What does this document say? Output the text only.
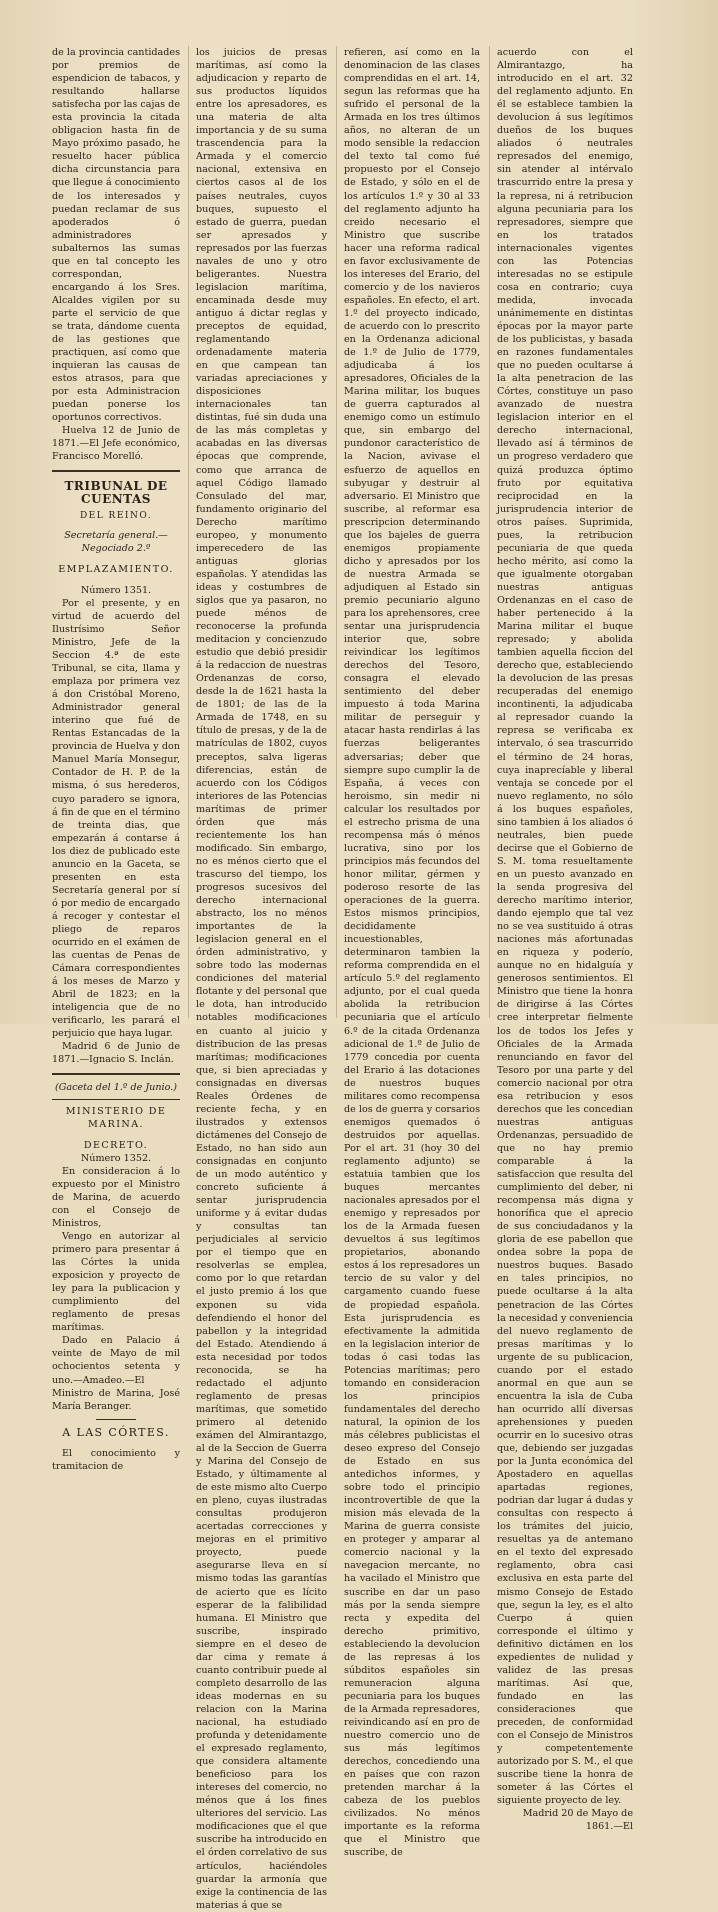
de la provincia cantidades por premios de espendicion de tabacos, y resultando hallarse satisfecha por las cajas de esta provincia la citada obligacion hasta fin de Mayo próximo pasado, he resuelto hacer pública dicha circunstancia para que llegue á conocimiento de los interesados y puedan reclamar de sus apoderados ó administradores subalternos las sumas que en tal concepto les correspondan, encargando á los Sres. Alcaldes vigilen por su parte el servicio de que se trata, dándome cuenta de las gestiones que practiquen, así como que inquieran las causas de estos atrasos, para que por esta Administracion puedan ponerse los oportunos correctivos.

Huelva 12 de Junio de 1871.—El Jefe económico, Francisco Morelló.

TRIBUNAL DE CUENTAS
DEL REINO.

Secretaría general.—Negociado 2.º

EMPLAZAMIENTO.

Número 1351.

Por el presente, y en virtud de acuerdo del Ilustrísimo Señor Ministro, Jefe de la Seccion 4.ª de este Tribunal, se cita, llama y emplaza por primera vez á don Cristóbal Moreno, Administrador general interino que fué de Rentas Estancadas de la provincia de Huelva y don Manuel María Monsegur, Contador de H. P. de la misma, ó sus herederos, cuyo paradero se ignora, á fin de que en el término de treinta dias, que empezarán á contarse á los diez de publicado este anuncio en la Gaceta, se presenten en esta Secretaría general por sí ó por medio de encargado á recoger y contestar el pliego de reparos ocurrido en el exámen de las cuentas de Penas de Cámara correspondientes á los meses de Marzo y Abril de 1823; en la inteligencia que de no verificarlo, les parará el perjuicio que haya lugar.

Madrid 6 de Junio de 1871.—Ignacio S. Inclán.

(Gaceta del 1.º de Junio.)

MINISTERIO DE MARINA.

DECRETO.

Número 1352.

En consideracion á lo expuesto por el Ministro de Marina, de acuerdo con el Consejo de Ministros,

Vengo en autorizar al primero para presentar á las Córtes la unida exposicion y proyecto de ley para la publicacion y cumplimiento del reglamento de presas marítimas.

Dado en Palacio á veinte de Mayo de mil ochocientos setenta y uno.—Amadeo.—El Ministro de Marina, José María Beranger.

A LAS CÓRTES.

El conocimiento y tramitacion de

los juicios de presas marítimas, así como la adjudicacion y reparto de sus productos líquidos entre los apresadores, es una materia de alta importancia y de su suma trascendencia para la Armada y el comercio nacional, extensiva en ciertos casos al de los países neutrales, cuyos buques, supuesto el estado de guerra, puedan ser apresados y represados por las fuerzas navales de uno y otro beligerantes. Nuestra legislacion marítima, encaminada desde muy antiguo á dictar reglas y preceptos de equidad, reglamentando ordenadamente materia en que campean tan variadas apreciaciones y disposiciones internacionales tan distintas, fué sin duda una de las más completas y acabadas en las diversas épocas que comprende, como que arranca de aquel Código llamado Consulado del mar, fundamento originario del Derecho marítimo europeo, y monumento imperecedero de las antiguas glorias españolas. Y atendidas las ideas y costumbres de siglos que ya pasaron, no puede ménos de reconocerse la profunda meditacion y concienzudo estudio que debió presidir á la redaccion de nuestras Ordenanzas de corso, desde la de 1621 hasta la de 1801; de las de la Armada de 1748, en su título de presas, y de la de matrículas de 1802, cuyos preceptos, salva ligeras diferencias, están de acuerdo con los Códigos interiores de las Potencias marítimas de primer órden que más recientemente los han modificado. Sin embargo, no es ménos cierto que el trascurso del tiempo, los progresos sucesivos del derecho internacional abstracto, los no ménos importantes de la legislacion general en el órden administrativo, y sobre todo las modernas condiciones del material flotante y del personal que le dota, han introducido notables modificaciones en cuanto al juicio y distribucion de las presas marítimas; modificaciones que, si bien apreciadas y consignadas en diversas Reales Órdenes de reciente fecha, y en ilustrados y extensos dictámenes del Consejo de Estado, no han sido aun consignadas en conjunto de un modo auténtico y concreto suficiente á sentar jurisprudencia uniforme y á evitar dudas y consultas tan perjudiciales al servicio por el tiempo que en resolverlas se emplea, como por lo que retardan el justo premio á los que exponen su vida defendiendo el honor del pabellon y la integridad del Estado. Atendiendo á esta necesidad por todos reconocida, se ha redactado el adjunto reglamento de presas marítimas, que sometido primero al detenido exámen del Almirantazgo, al de la Seccion de Guerra y Marina del Consejo de Estado, y últimamente al de este mismo alto Cuerpo en pleno, cuyas ilustradas consultas produjeron acertadas correcciones y mejoras en el primitivo proyecto, puede asegurarse lleva en sí mismo todas las garantías de acierto que es lícito esperar de la falibilidad humana. El Ministro que suscribe, inspirado siempre en el deseo de dar cima y remate á cuanto contribuir puede al completo desarrollo de las ideas modernas en su relacion con la Marina nacional, ha estudiado profunda y detenidamente el expresado reglamento, que considera altamente beneficioso para los intereses del comercio, no ménos que á los fines ulteriores del servicio. Las modificaciones que el que suscribe ha introducido en el órden correlativo de sus artículos, haciéndoles guardar la armonía que exige la continencia de las materias á que se

refieren, así como en la denominacion de las clases comprendidas en el art. 14, segun las reformas que ha sufrido el personal de la Armada en los tres últimos años, no alteran de un modo sensible la redaccion del texto tal como fué propuesto por el Consejo de Estado, y sólo en el de los artículos 1.º y 30 al 33 del reglamento adjunto ha creido necesario el Ministro que suscribe hacer una reforma radical en favor exclusivamente de los intereses del Erario, del comercio y de los navieros españoles. En efecto, el art. 1.º del proyecto indicado, de acuerdo con lo prescrito en la Ordenanza adicional de 1.º de Julio de 1779, adjudicaba á los apresadores, Oficiales de la Marina militar, los buques de guerra capturados al enemigo como un estímulo que, sin embargo del pundonor característico de la Nacion, avivase el esfuerzo de aquellos en subyugar y destruir al adversario. El Ministro que suscribe, al reformar esa prescripcion determinando que los bajeles de guerra enemigos propiamente dicho y apresados por los de nuestra Armada se adjudiquen al Estado sin premio pecuniario alguno para los aprehensores, cree sentar una jurisprudencia interior que, sobre reivindicar los legítimos derechos del Tesoro, consagra el elevado sentimiento del deber impuesto á toda Marina militar de perseguir y atacar hasta rendirlas á las fuerzas beligerantes adversarias; deber que siempre supo cumplir la de España, á veces con heroismo, sin medir ni calcular los resultados por el estrecho prisma de una recompensa más ó ménos lucrativa, sino por los principios más fecundos del honor militar, gérmen y poderoso resorte de las operaciones de la guerra. Estos mismos principios, decididamente incuestionables, determinaron tambien la reforma comprendida en el artículo 5.º del reglamento adjunto, por el cual queda abolida la retribucion pecuniaria que el artículo 6.º de la citada Ordenanza adicional de 1.º de Julio de 1779 concedia por cuenta del Erario á las dotaciones de nuestros buques militares como recompensa de los de guerra y corsarios enemigos quemados ó destruidos por aquellas. Por el art. 31 (hoy 30 del reglamento adjunto) se estatuia tambien que los buques mercantes nacionales apresados por el enemigo y represados por los de la Armada fuesen devueltos á sus legítimos propietarios, abonando estos á los represadores un tercio de su valor y del cargamento cuando fuese de propiedad española. Esta jurisprudencia es efectivamente la admitida en la legislacion interior de todas ó casi todas las Potencias marítimas; pero tomando en consideracion los principios fundamentales del derecho natural, la opinion de los más célebres publicistas el deseo expreso del Consejo de Estado en sus antedichos informes, y sobre todo el principio incontrovertible de que la mision más elevada de la Marina de guerra consiste en proteger y amparar al comercio nacional y la navegacion mercante, no ha vacilado el Ministro que suscribe en dar un paso más por la senda siempre recta y expedita del derecho primitivo, estableciendo la devolucion de las represas á los súbditos españoles sin remuneracion alguna pecuniaria para los buques de la Armada represadores, reivindicando así en pro de nuestro comercio uno de sus más legítimos derechos, concediendo una en países que con razon pretenden marchar á la cabeza de los pueblos civilizados. No ménos importante es la reforma que el Ministro que suscribe, de

acuerdo con el Almirantazgo, ha introducido en el art. 32 del reglamento adjunto. En él se establece tambien la devolucion á sus legítimos dueños de los buques aliados ó neutrales represados del enemigo, sin atender al intérvalo trascurrido entre la presa y la represa, ni á retribucion alguna pecuniaria para los represadores, siempre que en los tratados internacionales vigentes con las Potencias interesadas no se estipule cosa en contrario; cuya medida, invocada unánimemente en distintas épocas por la mayor parte de los publicistas, y basada en razones fundamentales que no pueden ocultarse á la alta penetracion de las Córtes, constituye un paso avanzado de nuestra legislacion interior en el derecho internacional, llevado así á términos de un progreso verdadero que quizá produzca óptimo fruto por equitativa reciprocidad en la jurisprudencia interior de otros países. Suprimida, pues, la retribucion pecuniaria de que queda hecho mérito, así como la que igualmente otorgaban nuestras antiguas Ordenanzas en el caso de haber pertenecido á la Marina militar el buque represado; y abolida tambien aquella ficcion del derecho que, estableciendo la devolucion de las presas recuperadas del enemigo incontinenti, la adjudicaba al represador cuando la represa se verificaba ex intervalo, ó sea trascurrido el término de 24 horas, cuya inaprecíable y liberal ventaja se concede por el nuevo reglamento, no sólo á los buques españoles, sino tambien á los aliados ó neutrales, bien puede decirse que el Gobierno de S. M. toma resueltamente en un puesto avanzado en la senda progresiva del derecho marítimo interior, dando ejemplo que tal vez no se vea sustituido á otras naciones más afortunadas en riqueza y poderío, aunque no en hidalguía y generosos sentimientos. El Ministro que tiene la honra de dirigirse á las Córtes cree interpretar fielmente los de todos los Jefes y Oficiales de la Armada renunciando en favor del Tesoro por una parte y del comercio nacional por otra esa retribucion y esos derechos que les concedian nuestras antiguas Ordenanzas, persuadido de que no hay premio comparable á la satisfaccion que resulta del cumplimiento del deber, ni recompensa más digna y honorífica que el aprecio de sus conciudadanos y la gloria de ese pabellon que ondea sobre la popa de nuestros buques. Basado en tales principios, no puede ocultarse á la alta penetracion de las Córtes la necesidad y conveniencia del nuevo reglamento de presas marítimas y lo urgente de su publicacion, cuando por el estado anormal en que aun se encuentra la isla de Cuba han ocurrido allí diversas aprehensiones y pueden ocurrir en lo sucesivo otras que, debiendo ser juzgadas por la Junta económica del Apostadero en aquellas apartadas regiones, podrian dar lugar á dudas y consultas con respecto á los trámites del juicio, resueltas ya de antemano en el texto del expresado reglamento, obra casi exclusiva en esta parte del mismo Consejo de Estado que, segun la ley, es el alto Cuerpo á quien corresponde el último y definitivo dictámen en los expedientes de nulidad y validez de las presas marítimas. Así que, fundado en las consideraciones que preceden, de conformidad con el Consejo de Ministros y competentemente autorizado por S. M., el que suscribe tiene la honra de someter á las Córtes el siguiente proyecto de ley.

Madrid 20 de Mayo de 1861.—El
